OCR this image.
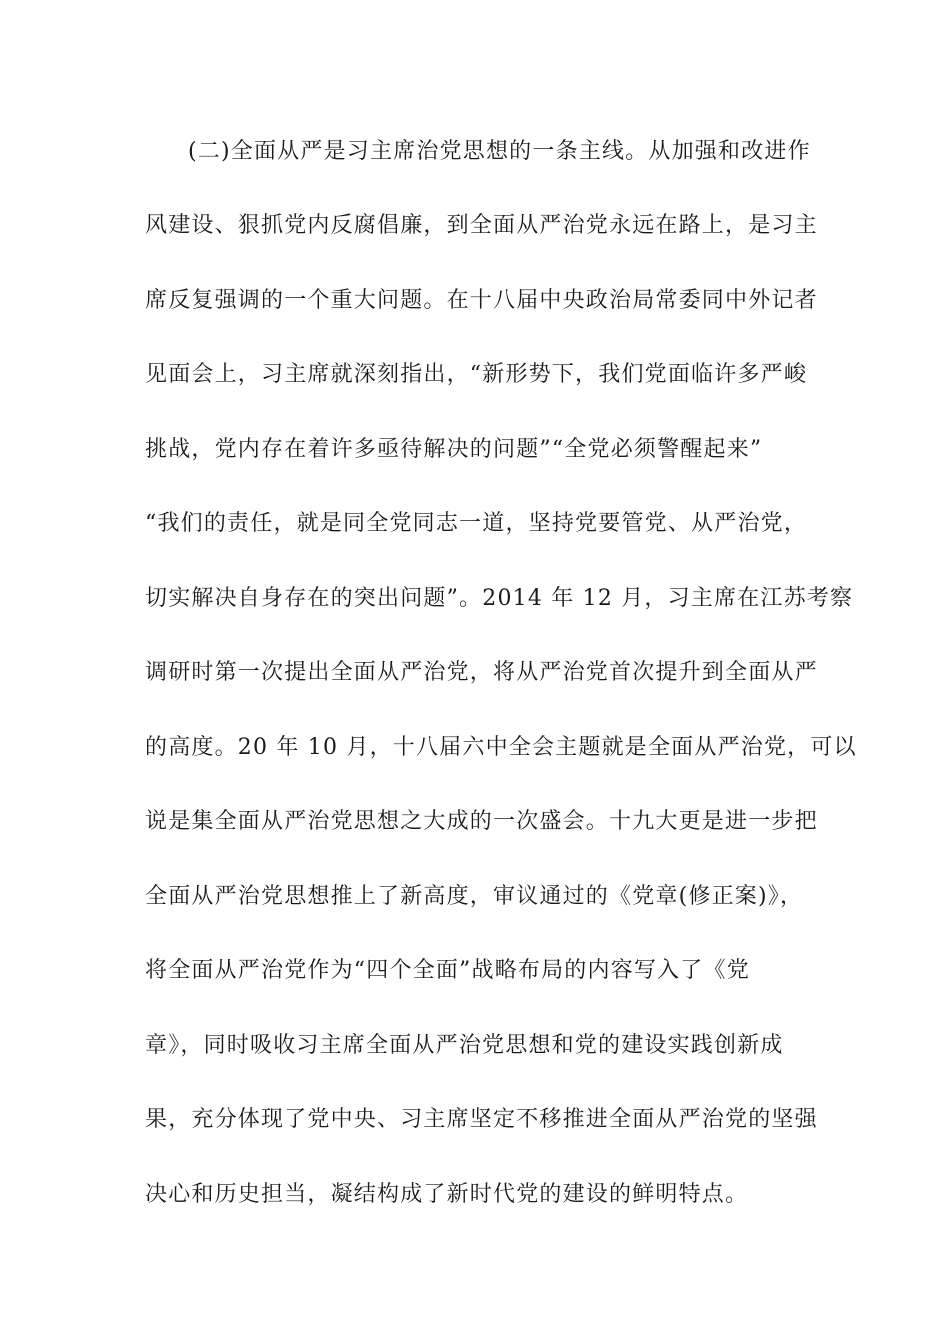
(二)全面从严是习主席治党思想的一条主线。从加强和改进作
风建设、狠抓党内反腐倡廉，到全面从严治党永远在路上，是习主
席反复强调的一个重大问题。在十八届中央政治局常委同中外记者
见面会上，习主席就深刻指出，“新形势下，我们党面临许多严峻
挑战，党内存在着许多亟待解决的问题”“全党必须警醒起来”
“我们的责任，就是同全党同志一道，坚持党要管党、从严治党，
切实解决自身存在的突出问题”。2014 年 12 月，习主席在江苏考察
调研时第一次提出全面从严治党，将从严治党首次提升到全面从严
的高度。20 年 10 月，十八届六中全会主题就是全面从严治党，可以
说是集全面从严治党思想之大成的一次盛会。十九大更是进一步把
全面从严治党思想推上了新高度，审议通过的《党章(修正案)》，
将全面从严治党作为“四个全面”战略布局的内容写入了《党
章》，同时吸收习主席全面从严治党思想和党的建设实践创新成
果，充分体现了党中央、习主席坚定不移推进全面从严治党的坚强
决心和历史担当，凝结构成了新时代党的建设的鲜明特点。
